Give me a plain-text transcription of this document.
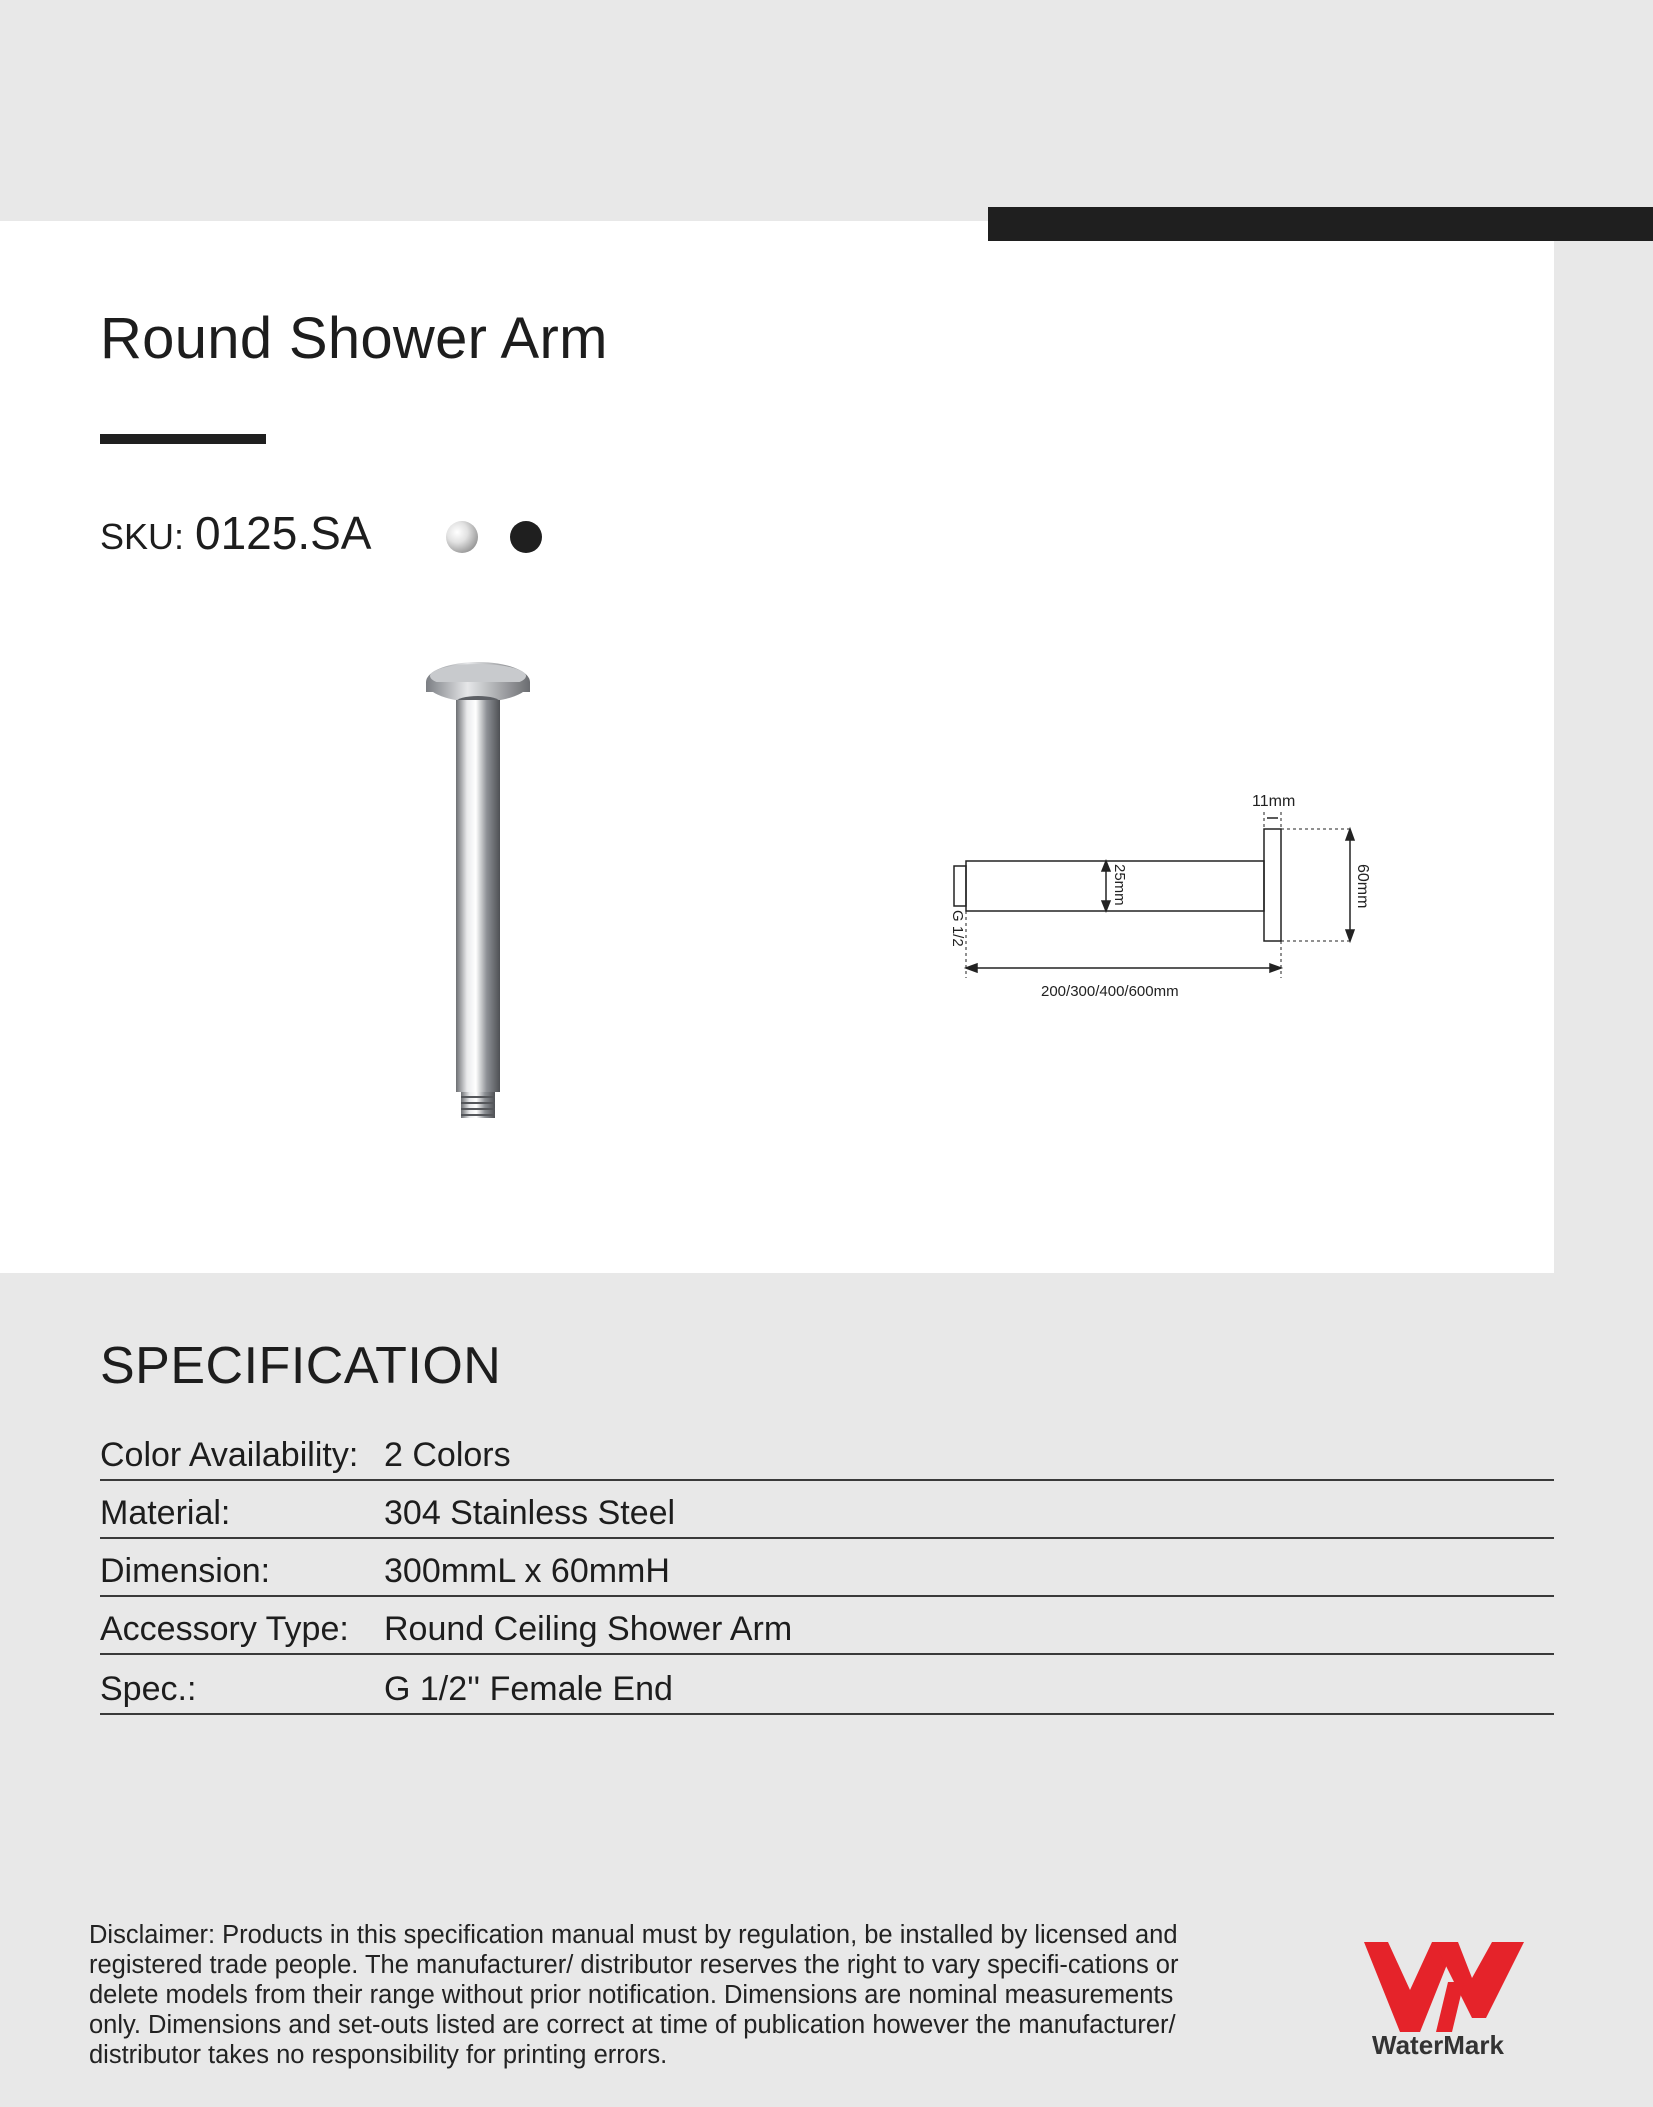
Round Shower Arm
SKU: 0125.SA
11mm
200/300/400/600mm
60mm
25mm
G 1/2
SPECIFICATION
Color Availability: 2 Colors
Material:	304 Stainless Steel
Dimension:	300mmL x 60mmH
Accessory Type: Round Ceiling Shower Arm
Spec.:	G 1/2'' Female End
Disclaimer: Products in this specification manual must by regulation, be installed by licensed and registered trade people. The manufacturer/ distributor reserves the right to vary specifi-cations or delete models from their range without prior notification. Dimensions are nominal measurements only. Dimensions and set-outs listed are correct at time of publication however the manufacturer/ distributor takes no responsibility for printing errors.	WaterMark
